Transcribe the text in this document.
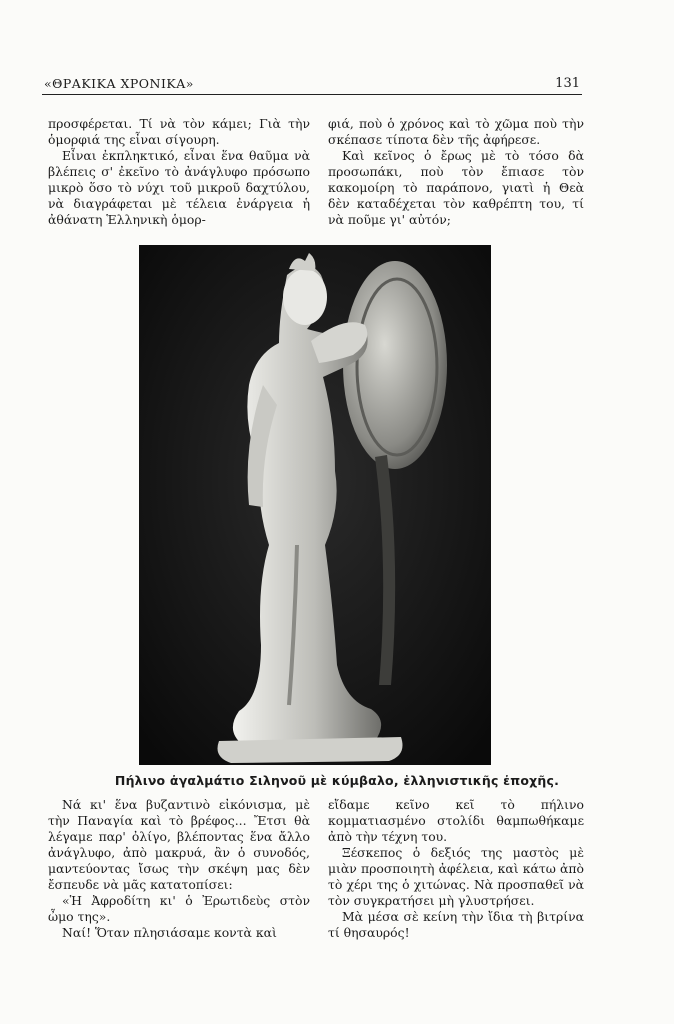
«ΘΡΑΚΙΚΑ ΧΡΟΝΙΚΑ»	131

προσφέρεται. Τί νὰ τὸν κάμει; Γιὰ τὴν ὁμορφιά της εἶναι σίγουρη.

Εἶναι ἐκπληκτικό, εἶναι ἕνα θαῦμα νὰ βλέπεις σ' ἐκεῖνο τὸ ἀνάγλυφο πρόσωπο μικρὸ ὅσο τὸ νύχι τοῦ μικροῦ δαχτύλου, νὰ διαγράφεται μὲ τέλεια ἐνάργεια ἡ ἀθάνατη Ἑλληνικὴ ὁμορ-

φιά, ποὺ ὁ χρόνος καὶ τὸ χῶμα ποὺ τὴν σκέπασε τίποτα δὲν τῆς ἀφήρεσε.

Καὶ κεῖνος ὁ ἔρως μὲ τὸ τόσο δὰ προσωπάκι, ποὺ τὸν ἔπιασε τὸν κακομοίρη τὸ παράπονο, γιατὶ ἡ Θεὰ δὲν καταδέχεται τὸν καθρέπτη του, τί νὰ ποῦμε γι' αὐτόν;

Πήλινο ἀγαλμάτιο Σιληνοῦ μὲ κύμβαλο, ἑλληνιστικῆς ἐποχῆς.

Νά κι' ἕνα βυζαντινὸ εἰκόνισμα, μὲ τὴν Παναγία καὶ τὸ βρέφος... Ἔτσι θὰ λέγαμε παρ' ὀλίγο, βλέποντας ἕνα ἄλλο ἀνάγλυφο, ἀπὸ μακρυά, ἂν ὁ συνοδός, μαντεύοντας ἴσως τὴν σκέψη μας δὲν ἔσπευδε νὰ μᾶς κατατοπίσει:

«Ἡ Ἀφροδίτη κι' ὁ Ἐρωτιδεὺς στὸν ὦμο της».

Ναί! Ὅταν πλησιάσαμε κοντὰ καὶ

εἴδαμε κεῖνο κεῖ τὸ πήλινο κομματιασμένο στολίδι θαμπωθήκαμε ἀπὸ τὴν τέχνη του.

Ξέσκεπος ὁ δεξιός της μαστὸς μὲ μιὰν προσποιητὴ ἀφέλεια, καὶ κάτω ἀπὸ τὸ χέρι της ὁ χιτώνας. Νὰ προσπαθεῖ νὰ τὸν συγκρατήσει μὴ γλυστρήσει.

Μὰ μέσα σὲ κείνη τὴν ἴδια τὴ βιτρίνα τί θησαυρός!
